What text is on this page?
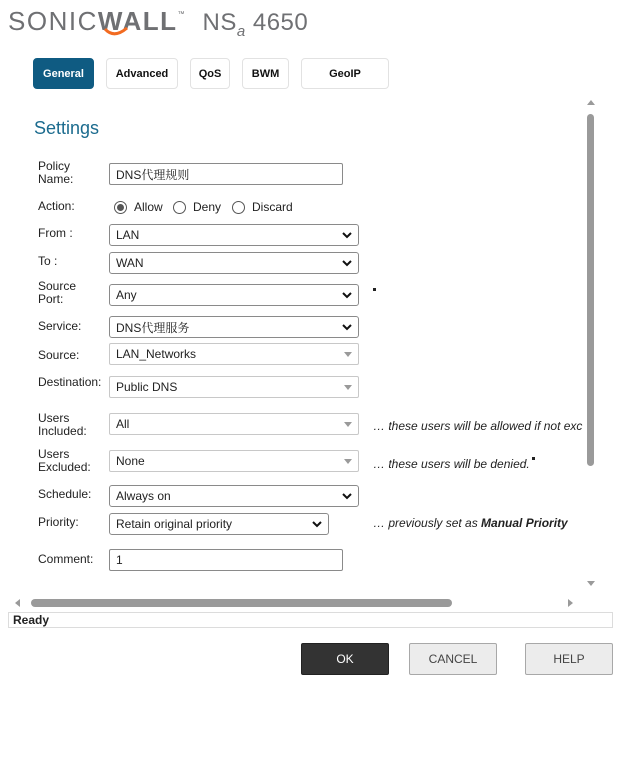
SONIC WALL ™ $NS_a$ 4650
General	Advanced	QoS	BWM	GeoIP
Settings
Policy Name:	DNS代理规则
Action:	Allow	Deny	Discard
From :	LAN
To :	WAN
Source Port:	Any
Service:	DNS代理服务
Source:	LAN_Networks
Destination: Public DNS
Users Included:	All	… these users will be allowed if not exc
Users Excluded: None	… these users will be denied.
Schedule: Always on
Priority:	Retain original priority	… previously set as Manual Priority
Comment: 1
Ready
OK	CANCEL	HELP
